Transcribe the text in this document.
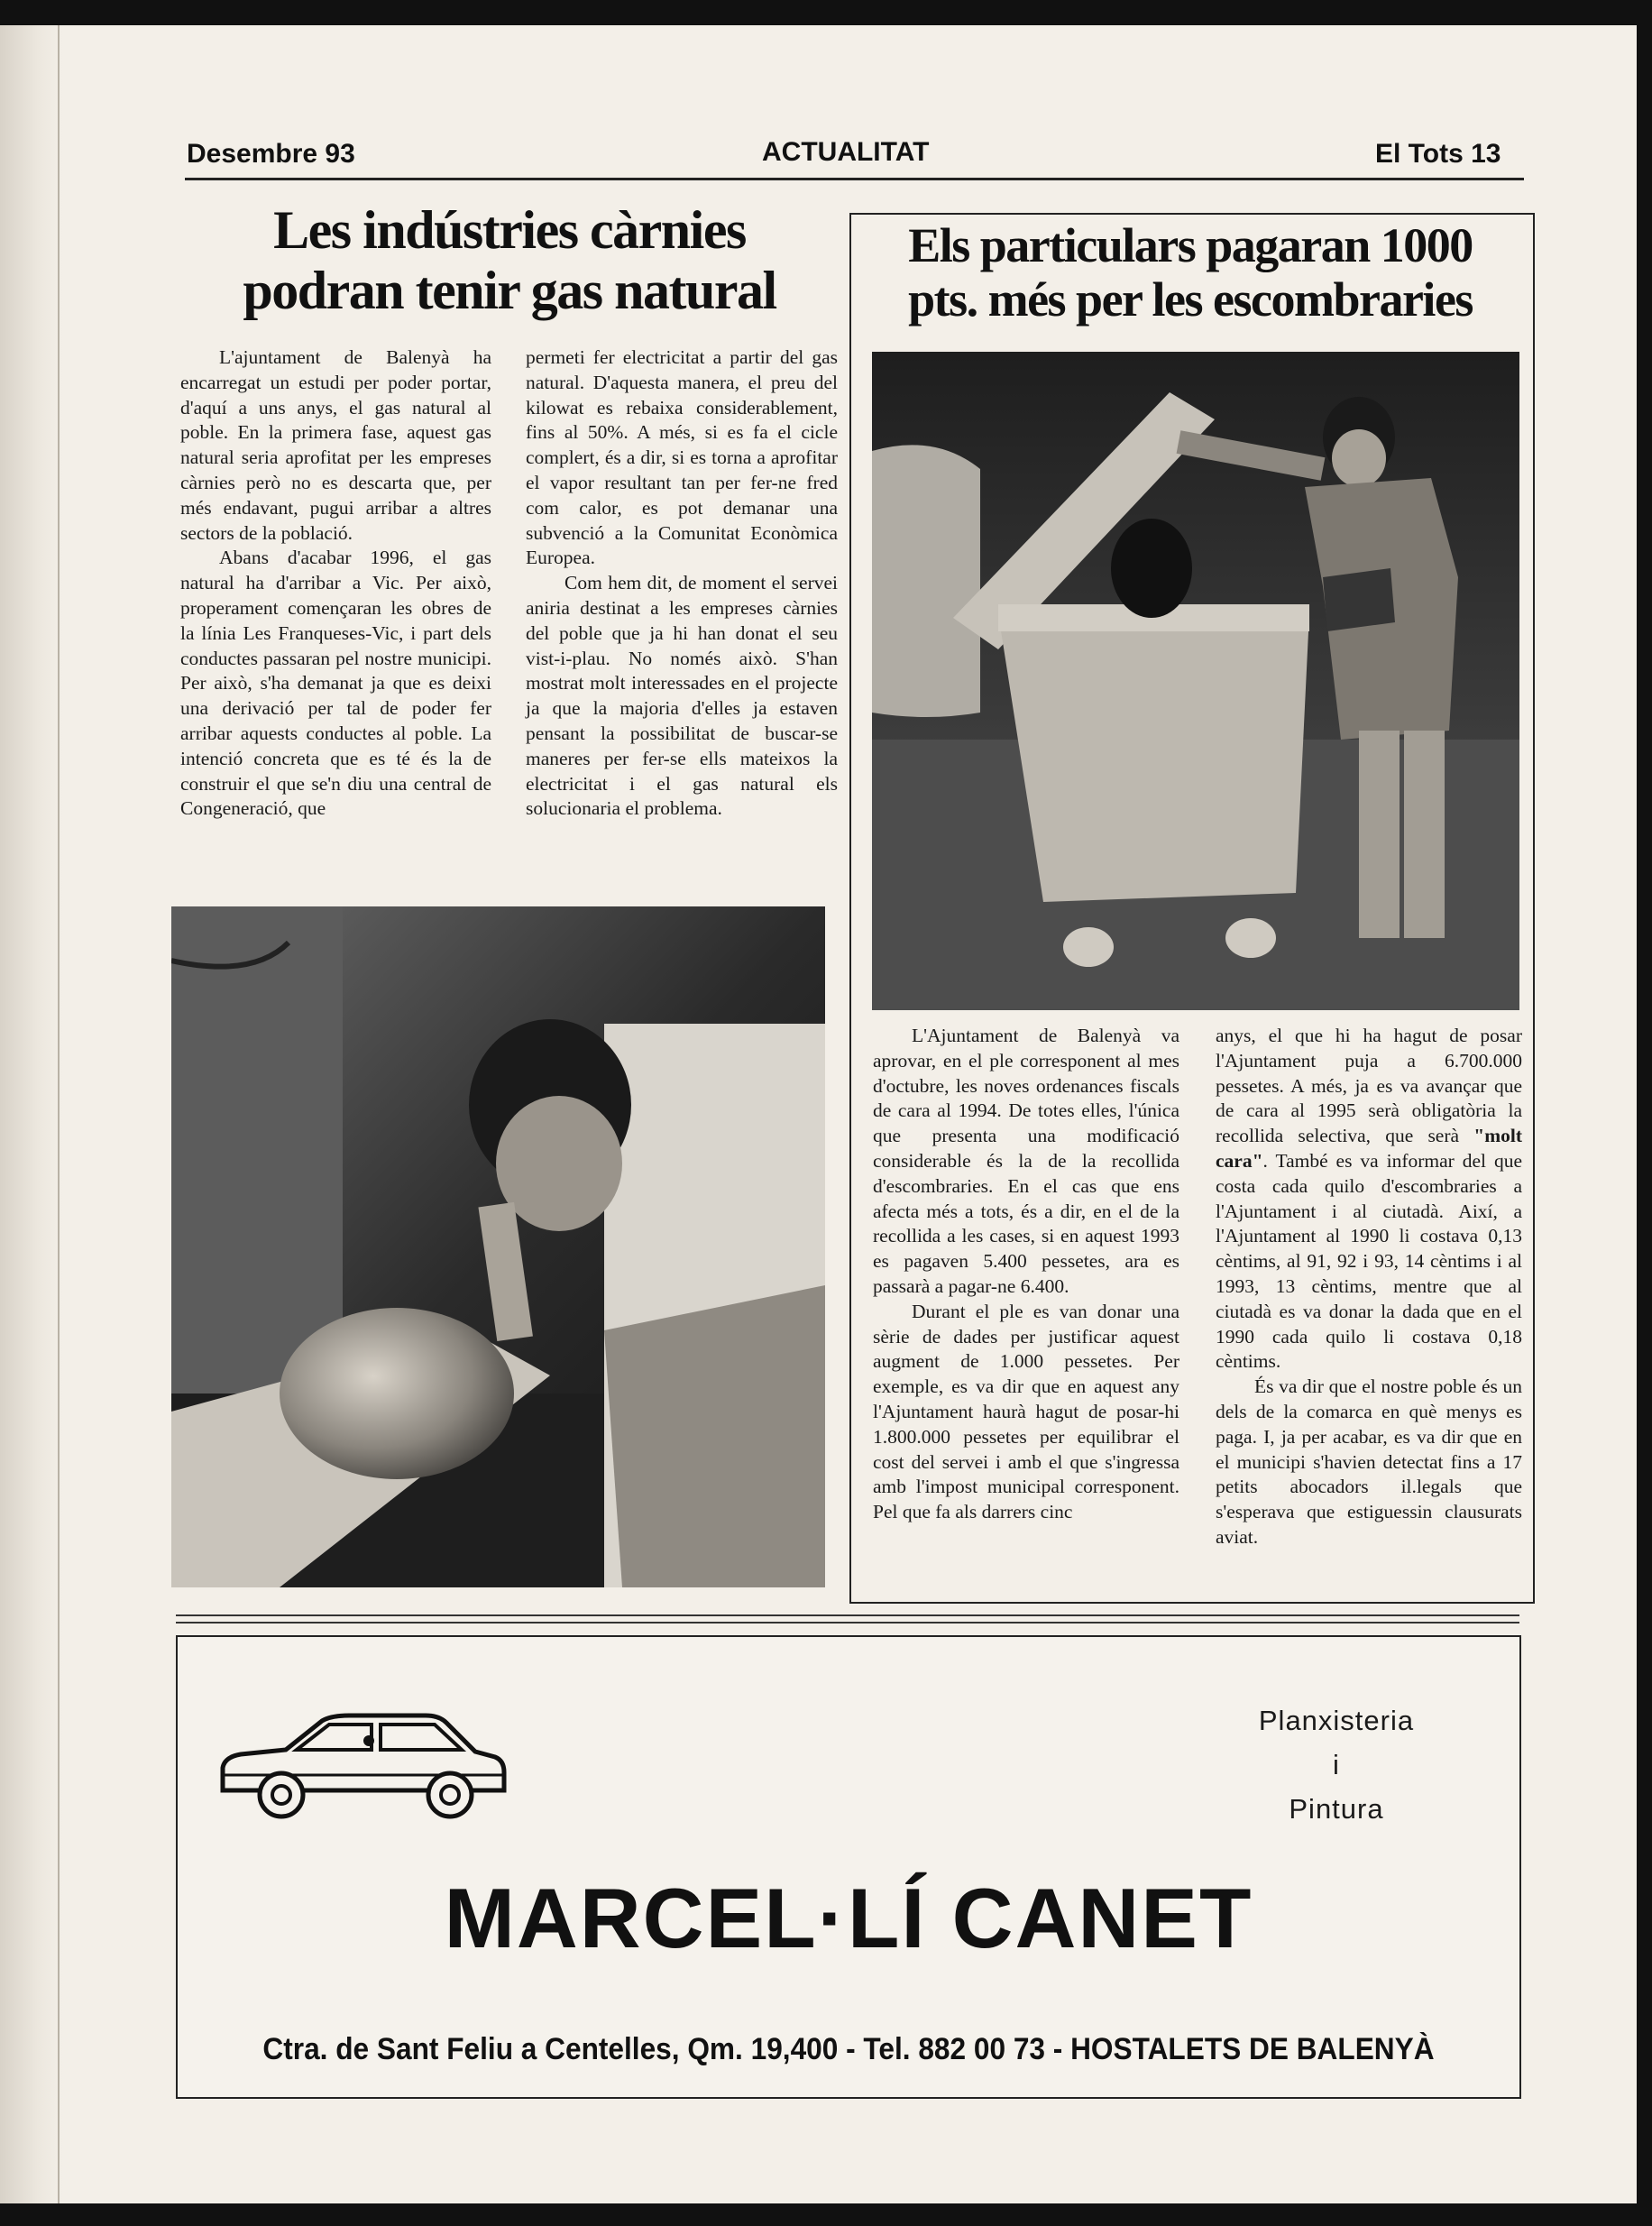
Desembre 93	ACTUALITAT	El Tots 13
Les indústries càrnies
podran tenir gas natural

L'ajuntament de Balenyà ha encarregat un estudi per poder portar, d'aquí a uns anys, el gas natural al poble. En la primera fase, aquest gas natural seria aprofitat per les empreses càrnies però no es descarta que, per més endavant, pugui arribar a altres sectors de la població.

Abans d'acabar 1996, el gas natural ha d'arribar a Vic. Per això, properament començaran les obres de la línia Les Franqueses-Vic, i part dels conductes passaran pel nostre municipi. Per això, s'ha demanat ja que es deixi una derivació per tal de poder fer arribar aquests conductes al poble. La intenció concreta que es té és la de construir el que se'n diu una central de Congeneració, que

permeti fer electricitat a partir del gas natural. D'aquesta manera, el preu del kilowat es rebaixa considerablement, fins al 50%. A més, si es fa el cicle complert, és a dir, si es torna a aprofitar el vapor resultant tan per fer-ne fred com calor, es pot demanar una subvenció a la Comunitat Econòmica Europea.

Com hem dit, de moment el servei aniria destinat a les empreses càrnies del poble que ja hi han donat el seu vist-i-plau. No només això. S'han mostrat molt interessades en el projecte ja que la majoria d'elles ja estaven pensant la possibilitat de buscar-se maneres per fer-se ells mateixos la electricitat i el gas natural els solucionaria el problema.

Els particulars pagaran 1000
pts. més per les escombraries

L'Ajuntament de Balenyà va aprovar, en el ple corresponent al mes d'octubre, les noves ordenances fiscals de cara al 1994. De totes elles, l'única que presenta una modificació considerable és la de la recollida d'escombraries. En el cas que ens afecta més a tots, és a dir, en el de la recollida a les cases, si en aquest 1993 es pagaven 5.400 pessetes, ara es passarà a pagar-ne 6.400.

Durant el ple es van donar una sèrie de dades per justificar aquest augment de 1.000 pessetes. Per exemple, es va dir que en aquest any l'Ajuntament haurà hagut de posar-hi 1.800.000 pessetes per equilibrar el cost del servei i amb el que s'ingressa amb l'impost municipal corresponent. Pel que fa als darrers cinc

anys, el que hi ha hagut de posar l'Ajuntament puja a 6.700.000 pessetes. A més, ja es va avançar que de cara al 1995 serà obligatòria la recollida selectiva, que serà "molt cara". També es va informar del que costa cada quilo d'escombraries a l'Ajuntament i al ciutadà. Així, a l'Ajuntament al 1990 li costava 0,13 cèntims, al 91, 92 i 93, 14 cèntims i al 1993, 13 cèntims, mentre que al ciutadà es va donar la dada que en el 1990 cada quilo li costava 0,18 cèntims.

És va dir que el nostre poble és un dels de la comarca en què menys es paga. I, ja per acabar, es va dir que en el municipi s'havien detectat fins a 17 petits abocadors il.legals que s'esperava que estiguessin clausurats aviat.

Planxisteria
i
Pintura
MARCEL·LÍ CANET
Ctra. de Sant Feliu a Centelles, Qm. 19,400 - Tel. 882 00 73 - HOSTALETS DE BALENYÀ
